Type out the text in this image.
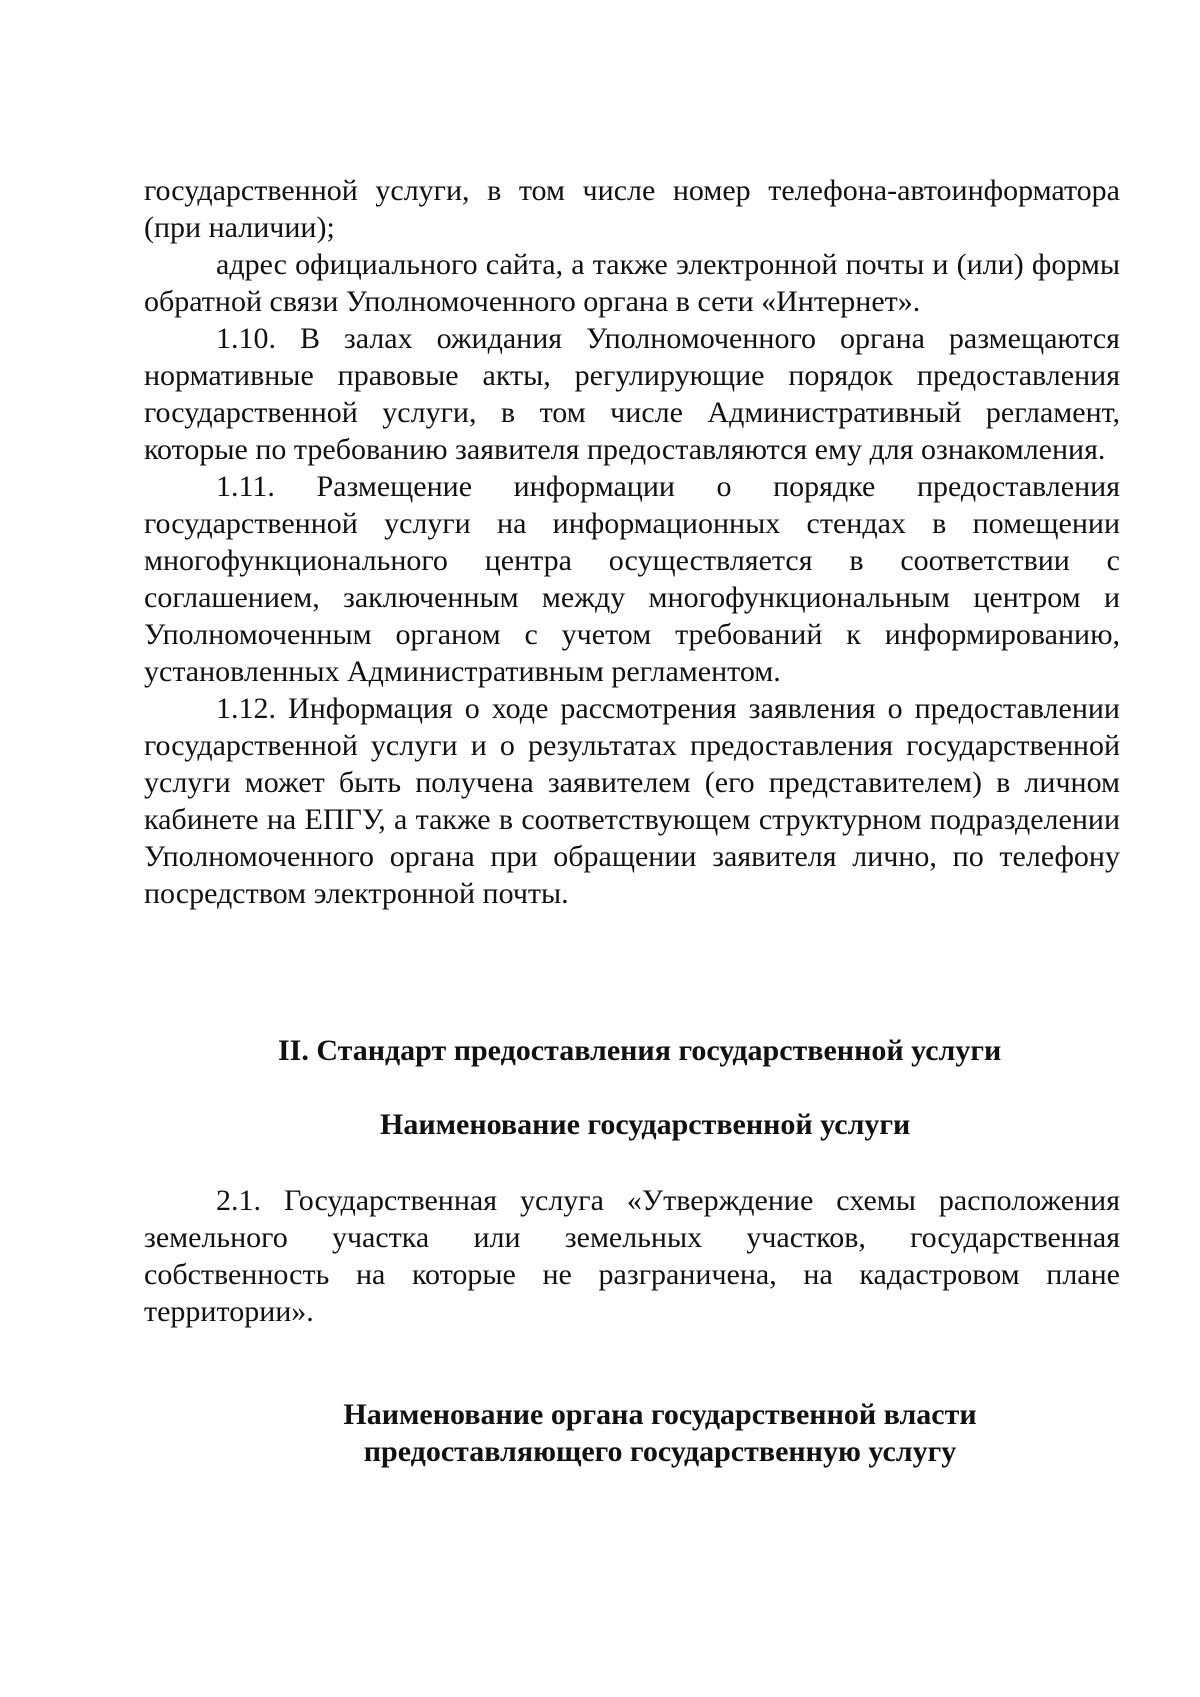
государственной услуги, в том числе номер телефона-автоинформатора (при наличии);

адрес официального сайта, а также электронной почты и (или) формы обратной связи Уполномоченного органа в сети «Интернет».

1.10. В залах ожидания Уполномоченного органа размещаются нормативные правовые акты, регулирующие порядок предоставления государственной услуги, в том числе Административный регламент, которые по требованию заявителя предоставляются ему для ознакомления.

1.11. Размещение информации о порядке предоставления государственной услуги на информационных стендах в помещении многофункционального центра осуществляется в соответствии с соглашением, заключенным между многофункциональным центром и Уполномоченным органом с учетом требований к информированию, установленных Административным регламентом.

1.12. Информация о ходе рассмотрения заявления о предоставлении государственной услуги и о результатах предоставления государственной услуги может быть получена заявителем (его представителем) в личном кабинете на ЕПГУ, а также в соответствующем структурном подразделении Уполномоченного органа при обращении заявителя лично, по телефону посредством электронной почты.

II. Стандарт предоставления государственной услуги
Наименование государственной услуги

2.1. Государственная услуга «Утверждение схемы расположения земельного участка или земельных участков, государственная собственность на которые не разграничена, на кадастровом плане территории».

Наименование органа государственной власти
предоставляющего государственную услугу
